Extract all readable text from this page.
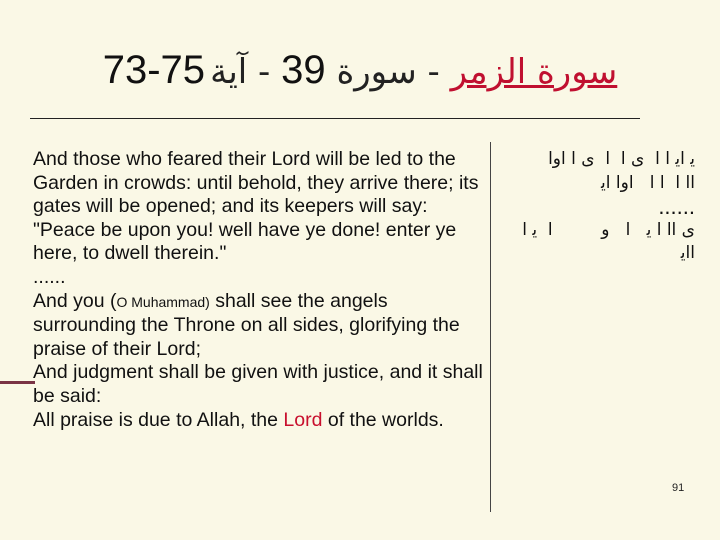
73-75	سورة الزمر - سورة 39 - آية

And those who feared their Lord will be led to the Garden in crowds: until behold, they arrive there; its gates will be opened; and its keepers will say: "Peace be upon you! well have ye done! enter ye here, to dwell therein."

......

And you (O Muhammad) shall see the angels surrounding the Throne on all sides, glorifying the praise of their Lord;

And judgment shall be given with justice, and it shall be said:

All praise is due to Allah, the Lord of the worlds.

ﻳ ﺍﻳ ﺍ ﺍ  ﻯ ﺍ  ﺍ  ﻯ ﺍ ﺍﻭﺍ

ﺍﺍ ﺍ  ﺍ ﺍ   ﺍﻭﺍ ﺍﻳ

......

ﻯ ﺍﺍ ﺍ ﻳ   ﺍ   ﻭ         ﺍ  ﻳ ﺍ

ﺍﺍﻳ

91
